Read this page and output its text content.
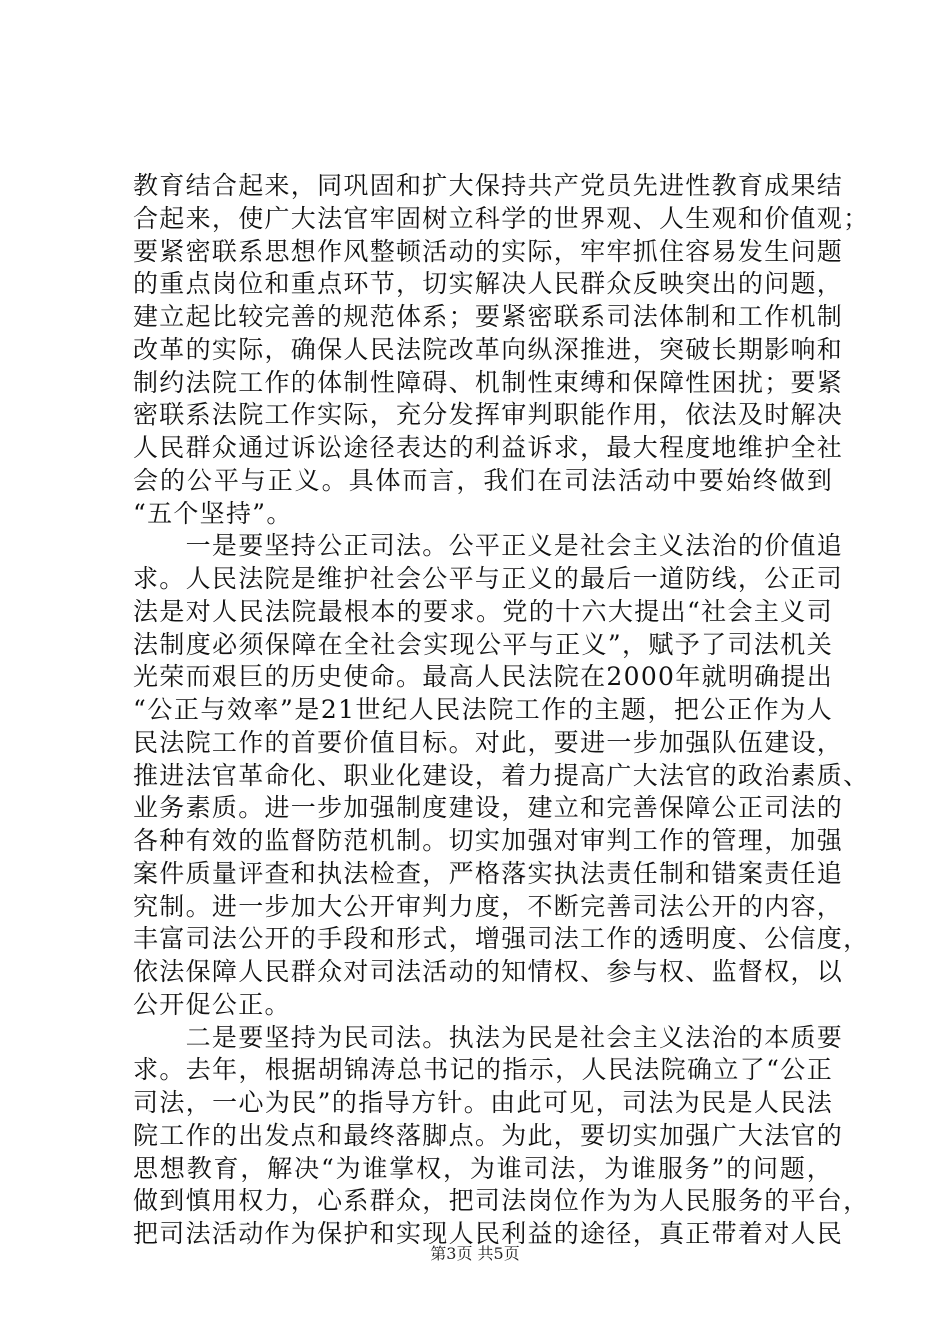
教育结合起来，同巩固和扩大保持共产党员先进性教育成果结
合起来，使广大法官牢固树立科学的世界观、人生观和价值观；
要紧密联系思想作风整顿活动的实际，牢牢抓住容易发生问题
的重点岗位和重点环节，切实解决人民群众反映突出的问题，
建立起比较完善的规范体系；要紧密联系司法体制和工作机制
改革的实际，确保人民法院改革向纵深推进，突破长期影响和
制约法院工作的体制性障碍、机制性束缚和保障性困扰；要紧
密联系法院工作实际，充分发挥审判职能作用，依法及时解决
人民群众通过诉讼途径表达的利益诉求，最大程度地维护全社
会的公平与正义。具体而言，我们在司法活动中要始终做到
“五个坚持”。
　　一是要坚持公正司法。公平正义是社会主义法治的价值追
求。人民法院是维护社会公平与正义的最后一道防线，公正司
法是对人民法院最根本的要求。党的十六大提出“社会主义司
法制度必须保障在全社会实现公平与正义”，赋予了司法机关
光荣而艰巨的历史使命。最高人民法院在2000年就明确提出
“公正与效率”是21世纪人民法院工作的主题，把公正作为人
民法院工作的首要价值目标。对此，要进一步加强队伍建设，
推进法官革命化、职业化建设，着力提高广大法官的政治素质、
业务素质。进一步加强制度建设，建立和完善保障公正司法的
各种有效的监督防范机制。切实加强对审判工作的管理，加强
案件质量评查和执法检查，严格落实执法责任制和错案责任追
究制。进一步加大公开审判力度，不断完善司法公开的内容，
丰富司法公开的手段和形式，增强司法工作的透明度、公信度，
依法保障人民群众对司法活动的知情权、参与权、监督权，以
公开促公正。
　　二是要坚持为民司法。执法为民是社会主义法治的本质要
求。去年，根据胡锦涛总书记的指示，人民法院确立了“公正
司法，一心为民”的指导方针。由此可见，司法为民是人民法
院工作的出发点和最终落脚点。为此，要切实加强广大法官的
思想教育，解决“为谁掌权，为谁司法，为谁服务”的问题，
做到慎用权力，心系群众，把司法岗位作为为人民服务的平台，
把司法活动作为保护和实现人民利益的途径，真正带着对人民
第3页 共5页
